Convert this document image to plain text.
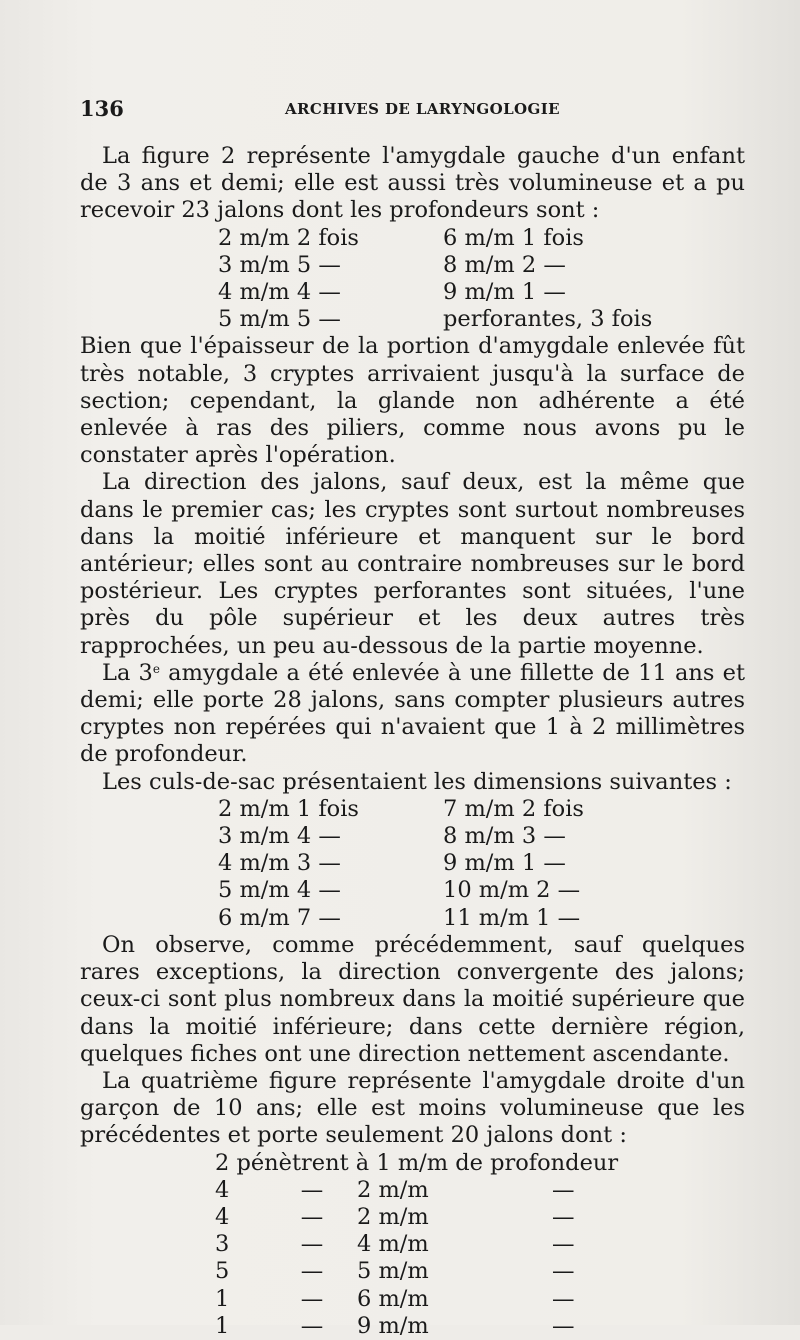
136	ARCHIVES DE LARYNGOLOGIE

La figure 2 représente l'amygdale gauche d'un enfant de 3 ans et demi; elle est aussi très volumineuse et a pu recevoir 23 jalons dont les profondeurs sont :

2 m/m 2 fois	6 m/m 1 fois
3 m/m 5 —	8 m/m 2 —
4 m/m 4 —	9 m/m 1 —
5 m/m 5 —	perforantes, 3 fois

Bien que l'épaisseur de la portion d'amygdale enlevée fût très notable, 3 cryptes arrivaient jusqu'à la surface de section; cependant, la glande non adhérente a été enlevée à ras des piliers, comme nous avons pu le constater après l'opération.

La direction des jalons, sauf deux, est la même que dans le premier cas; les cryptes sont surtout nombreuses dans la moitié inférieure et manquent sur le bord antérieur; elles sont au contraire nombreuses sur le bord postérieur. Les cryptes perforantes sont situées, l'une près du pôle supérieur et les deux autres très rapprochées, un peu au-dessous de la partie moyenne.

La 3e amygdale a été enlevée à une fillette de 11 ans et demi; elle porte 28 jalons, sans compter plusieurs autres cryptes non repérées qui n'avaient que 1 à 2 millimètres de profondeur.

Les culs-de-sac présentaient les dimensions suivantes :

2 m/m 1 fois	7 m/m 2 fois
3 m/m 4 —	8 m/m 3 —
4 m/m 3 —	9 m/m 1 —
5 m/m 4 —	10 m/m 2 —
6 m/m 7 —	11 m/m 1 —

On observe, comme précédemment, sauf quelques rares exceptions, la direction convergente des jalons; ceux-ci sont plus nombreux dans la moitié supérieure que dans la moitié inférieure; dans cette dernière région, quelques fiches ont une direction nettement ascendante.

La quatrième figure représente l'amygdale droite d'un garçon de 10 ans; elle est moins volumineuse que les précédentes et porte seulement 20 jalons dont :

2 pénètrent à 1 m/m de profondeur
4	—	2 m/m	—
4	—	2 m/m	—
3	—	4 m/m	—
5	—	5 m/m	—
1	—	6 m/m	—
1	—	9 m/m	—
